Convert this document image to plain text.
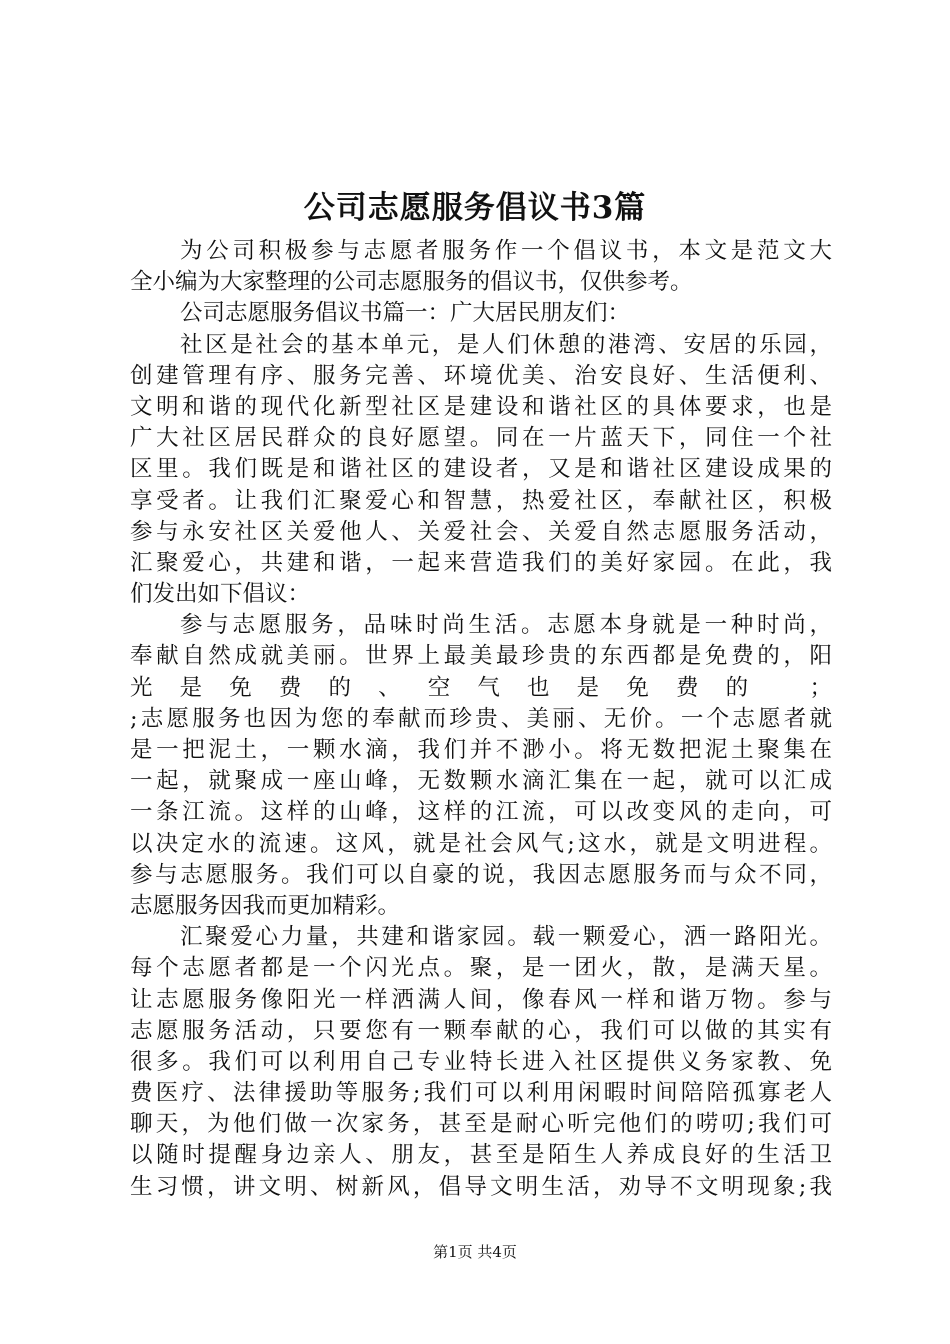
公司志愿服务倡议书3篇
为公司积极参与志愿者服务作一个倡议书，本文是范文大
全小编为大家整理的公司志愿服务的倡议书，仅供参考。
公司志愿服务倡议书篇一：广大居民朋友们：
社区是社会的基本单元，是人们休憩的港湾、安居的乐园，
创建管理有序、服务完善、环境优美、治安良好、生活便利、
文明和谐的现代化新型社区是建设和谐社区的具体要求，也是
广大社区居民群众的良好愿望。同在一片蓝天下，同住一个社
区里。我们既是和谐社区的建设者，又是和谐社区建设成果的
享受者。让我们汇聚爱心和智慧，热爱社区，奉献社区，积极
参与永安社区关爱他人、关爱社会、关爱自然志愿服务活动，
汇聚爱心，共建和谐，一起来营造我们的美好家园。在此，我
们发出如下倡议：
参与志愿服务，品味时尚生活。志愿本身就是一种时尚，
奉献自然成就美丽。世界上最美最珍贵的东西都是免费的，阳
光是免费的、空气也是免费的 ；
;志愿服务也因为您的奉献而珍贵、美丽、无价。一个志愿者就
是一把泥土，一颗水滴，我们并不渺小。将无数把泥土聚集在
一起，就聚成一座山峰，无数颗水滴汇集在一起，就可以汇成
一条江流。这样的山峰，这样的江流，可以改变风的走向，可
以决定水的流速。这风，就是社会风气;这水，就是文明进程。
参与志愿服务。我们可以自豪的说，我因志愿服务而与众不同，
志愿服务因我而更加精彩。
汇聚爱心力量，共建和谐家园。载一颗爱心，洒一路阳光。
每个志愿者都是一个闪光点。聚，是一团火，散，是满天星。
让志愿服务像阳光一样洒满人间，像春风一样和谐万物。参与
志愿服务活动，只要您有一颗奉献的心，我们可以做的其实有
很多。我们可以利用自己专业特长进入社区提供义务家教、免
费医疗、法律援助等服务;我们可以利用闲暇时间陪陪孤寡老人
聊天，为他们做一次家务，甚至是耐心听完他们的唠叨;我们可
以随时提醒身边亲人、朋友，甚至是陌生人养成良好的生活卫
生习惯，讲文明、树新风，倡导文明生活，劝导不文明现象;我
第1页 共4页
